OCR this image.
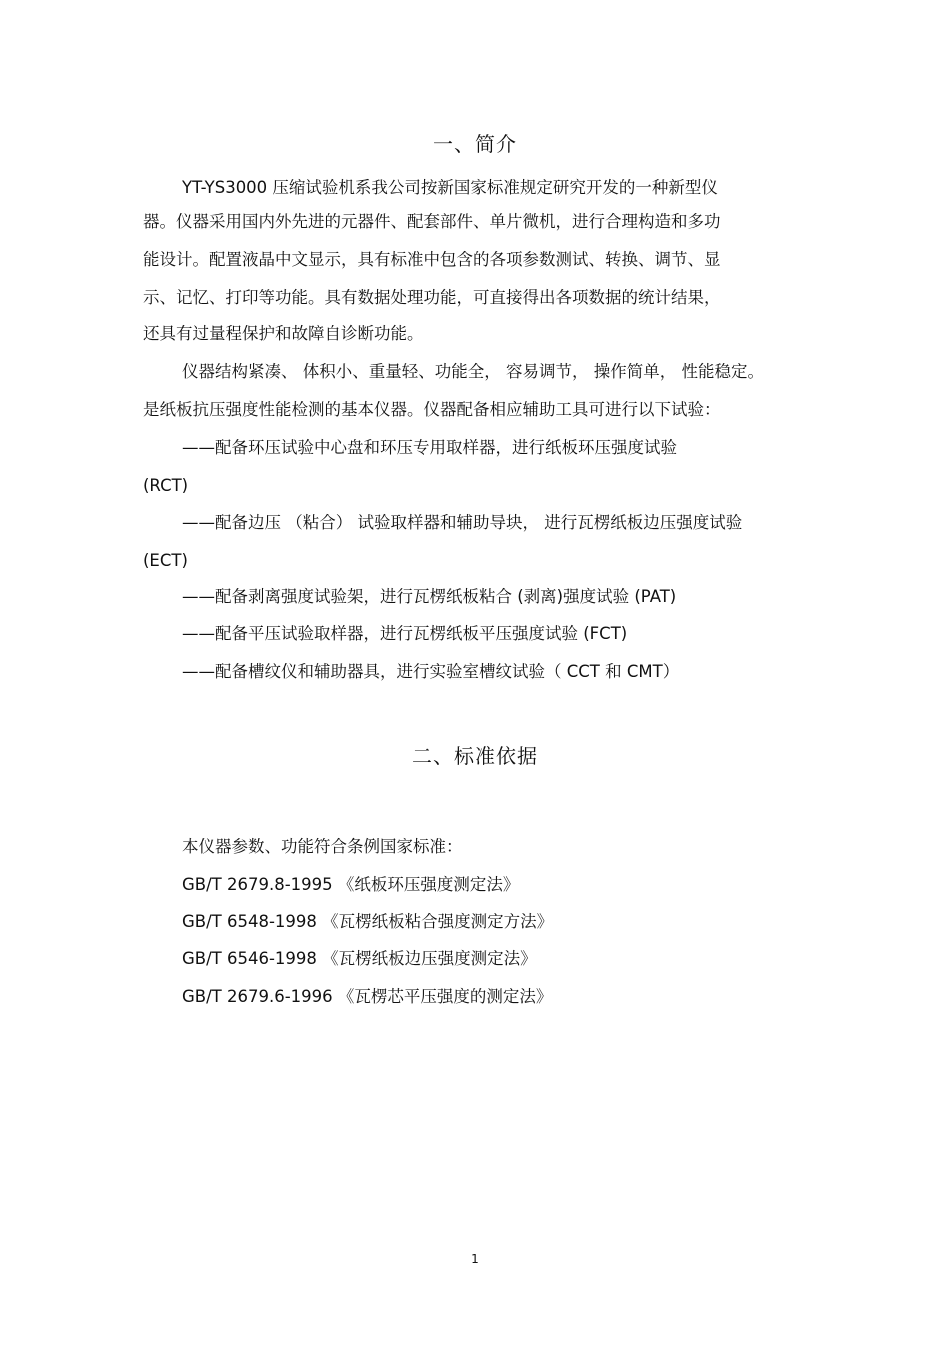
一、简介
YT-YS3000 压缩试验机系我公司按新国家标准规定研究开发的一种新型仪
器。仪器采用国内外先进的元器件、配套部件、单片微机，进行合理构造和多功
能设计。配置液晶中文显示，具有标准中包含的各项参数测试、转换、调节、显
示、记忆、打印等功能。具有数据处理功能，可直接得出各项数据的统计结果，
还具有过量程保护和故障自诊断功能。
仪器结构紧凑、 体积小、重量轻、功能全， 容易调节， 操作简单， 性能稳定。
是纸板抗压强度性能检测的基本仪器。仪器配备相应辅助工具可进行以下试验：
——配备环压试验中心盘和环压专用取样器，进行纸板环压强度试验
(RCT)
——配备边压 （粘合） 试验取样器和辅助导块， 进行瓦楞纸板边压强度试验
(ECT)
——配备剥离强度试验架，进行瓦楞纸板粘合 (剥离)强度试验 (PAT)
——配备平压试验取样器，进行瓦楞纸板平压强度试验 (FCT)
——配备槽纹仪和辅助器具，进行实验室槽纹试验（ CCT 和 CMT）
二、标准依据
本仪器参数、功能符合条例国家标准：
GB/T 2679.8-1995 《纸板环压强度测定法》
GB/T 6548-1998 《瓦楞纸板粘合强度测定方法》
GB/T 6546-1998 《瓦楞纸板边压强度测定法》
GB/T 2679.6-1996 《瓦楞芯平压强度的测定法》
1
